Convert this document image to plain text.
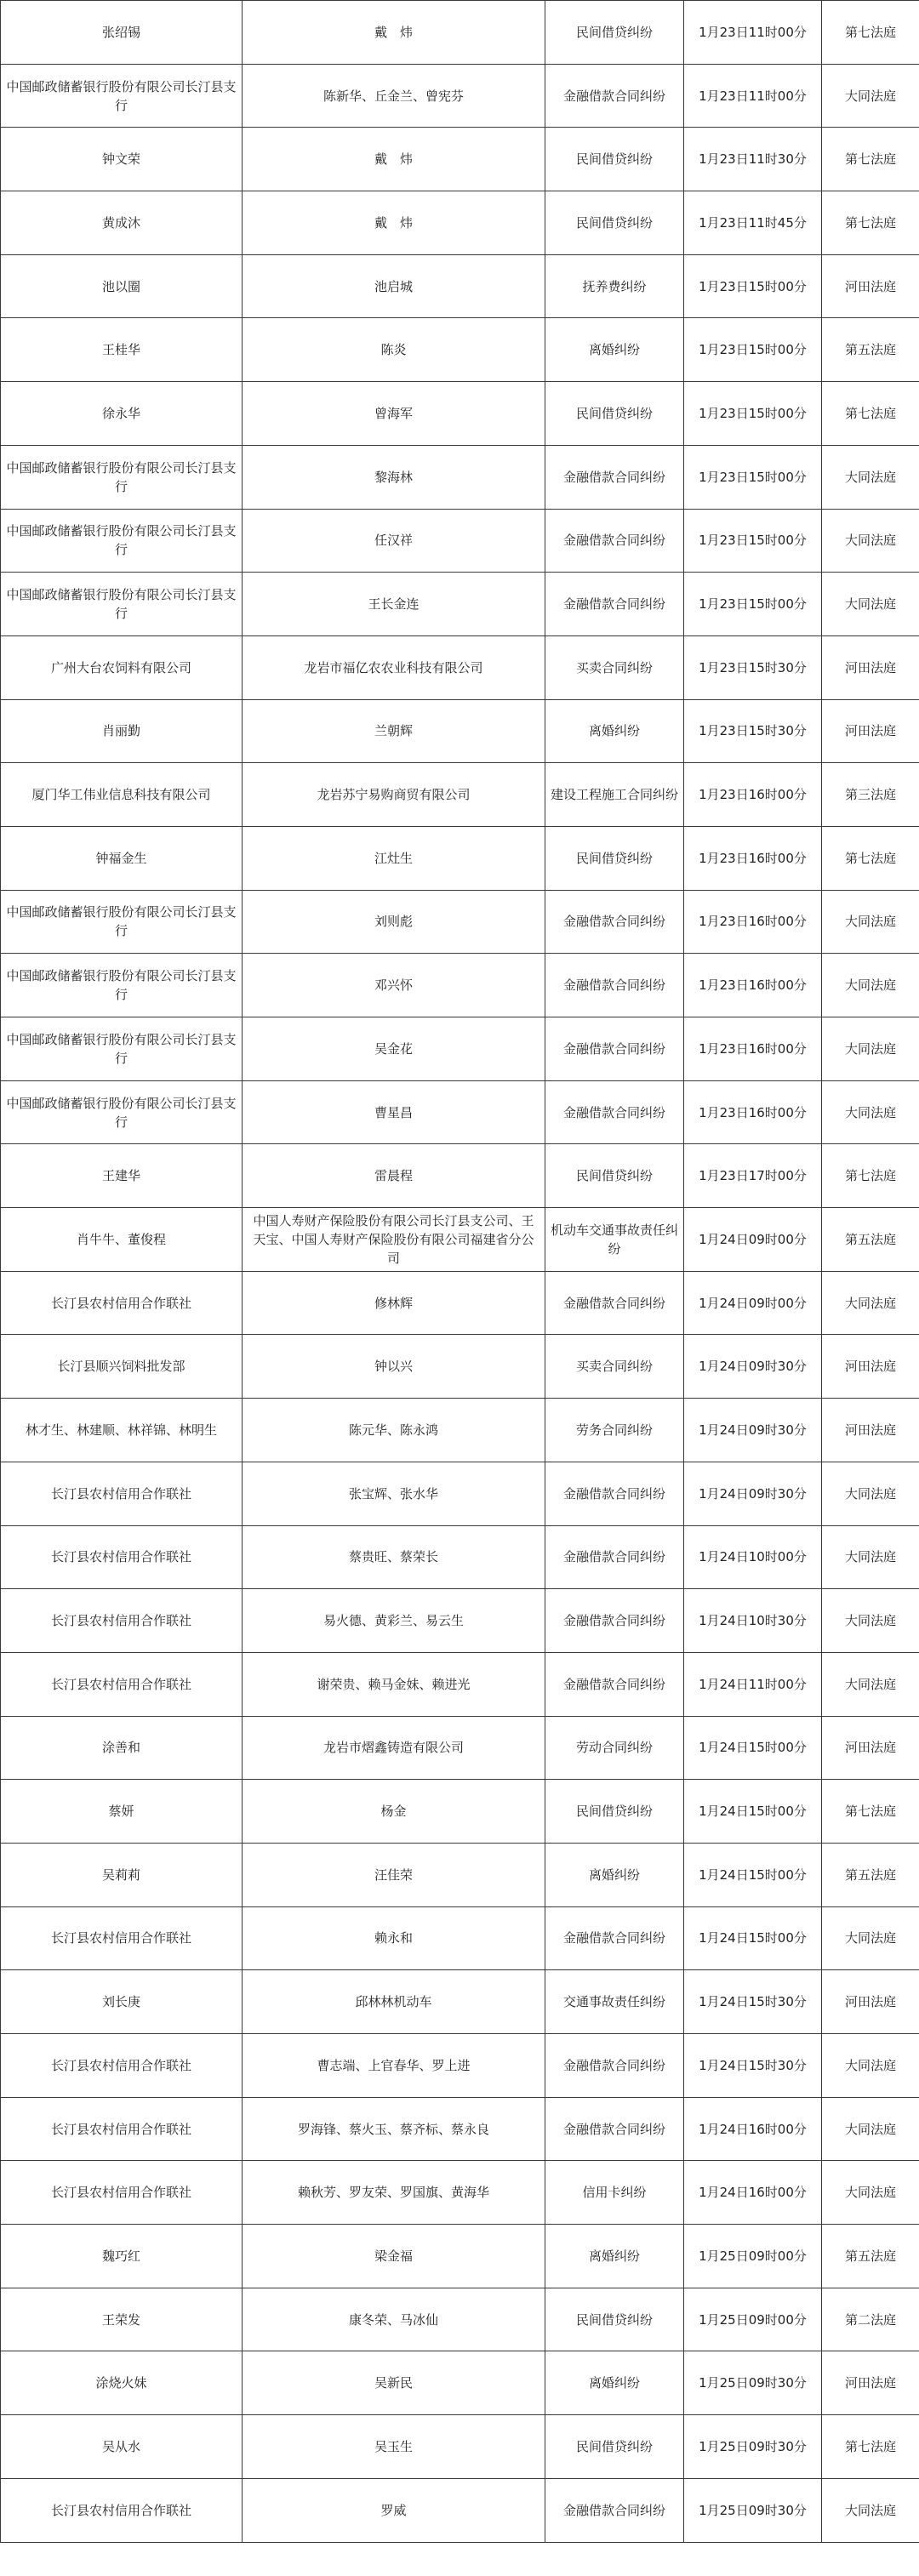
张绍锡	戴　炜	民间借贷纠纷	1月23日11时00分	第七法庭
中国邮政储蓄银行股份有限公司长汀县支行	陈新华、丘金兰、曾宪芬	金融借款合同纠纷	1月23日11时00分	大同法庭
钟文荣	戴　炜	民间借贷纠纷	1月23日11时30分	第七法庭
黄成沐	戴　炜	民间借贷纠纷	1月23日11时45分	第七法庭
池以圈	池启城	抚养费纠纷	1月23日15时00分	河田法庭
王桂华	陈炎	离婚纠纷	1月23日15时00分	第五法庭
徐永华	曾海军	民间借贷纠纷	1月23日15时00分	第七法庭
中国邮政储蓄银行股份有限公司长汀县支行	黎海林	金融借款合同纠纷	1月23日15时00分	大同法庭
中国邮政储蓄银行股份有限公司长汀县支行	任汉祥	金融借款合同纠纷	1月23日15时00分	大同法庭
中国邮政储蓄银行股份有限公司长汀县支行	王长金连	金融借款合同纠纷	1月23日15时00分	大同法庭
广州大台农饲料有限公司	龙岩市福亿农农业科技有限公司	买卖合同纠纷	1月23日15时30分	河田法庭
肖丽勤	兰朝辉	离婚纠纷	1月23日15时30分	河田法庭
厦门华工伟业信息科技有限公司	龙岩苏宁易购商贸有限公司	建设工程施工合同纠纷	1月23日16时00分	第三法庭
钟福金生	江灶生	民间借贷纠纷	1月23日16时00分	第七法庭
中国邮政储蓄银行股份有限公司长汀县支行	刘则彪	金融借款合同纠纷	1月23日16时00分	大同法庭
中国邮政储蓄银行股份有限公司长汀县支行	邓兴怀	金融借款合同纠纷	1月23日16时00分	大同法庭
中国邮政储蓄银行股份有限公司长汀县支行	吴金花	金融借款合同纠纷	1月23日16时00分	大同法庭
中国邮政储蓄银行股份有限公司长汀县支行	曹星昌	金融借款合同纠纷	1月23日16时00分	大同法庭
王建华	雷晨程	民间借贷纠纷	1月23日17时00分	第七法庭
肖牛牛、董俊程	中国人寿财产保险股份有限公司长汀县支公司、王天宝、中国人寿财产保险股份有限公司福建省分公司	机动车交通事故责任纠纷	1月24日09时00分	第五法庭
长汀县农村信用合作联社	修林辉	金融借款合同纠纷	1月24日09时00分	大同法庭
长汀县顺兴饲料批发部	钟以兴	买卖合同纠纷	1月24日09时30分	河田法庭
林才生、林建顺、林祥锦、林明生	陈元华、陈永鸿	劳务合同纠纷	1月24日09时30分	河田法庭
长汀县农村信用合作联社	张宝辉、张水华	金融借款合同纠纷	1月24日09时30分	大同法庭
长汀县农村信用合作联社	蔡贵旺、蔡荣长	金融借款合同纠纷	1月24日10时00分	大同法庭
长汀县农村信用合作联社	易火德、黄彩兰、易云生	金融借款合同纠纷	1月24日10时30分	大同法庭
长汀县农村信用合作联社	谢荣贵、赖马金妹、赖进光	金融借款合同纠纷	1月24日11时00分	大同法庭
涂善和	龙岩市熠鑫铸造有限公司	劳动合同纠纷	1月24日15时00分	河田法庭
蔡妍	杨金	民间借贷纠纷	1月24日15时00分	第七法庭
吴莉莉	汪佳荣	离婚纠纷	1月24日15时00分	第五法庭
长汀县农村信用合作联社	赖永和	金融借款合同纠纷	1月24日15时00分	大同法庭
刘长庚	邱林林机动车	交通事故责任纠纷	1月24日15时30分	河田法庭
长汀县农村信用合作联社	曹志端、上官春华、罗上进	金融借款合同纠纷	1月24日15时30分	大同法庭
长汀县农村信用合作联社	罗海锋、蔡火玉、蔡齐标、蔡永良	金融借款合同纠纷	1月24日16时00分	大同法庭
长汀县农村信用合作联社	赖秋芳、罗友荣、罗国旗、黄海华	信用卡纠纷	1月24日16时00分	大同法庭
魏巧红	梁金福	离婚纠纷	1月25日09时00分	第五法庭
王荣发	康冬荣、马冰仙	民间借贷纠纷	1月25日09时00分	第二法庭
涂烧火妹	吴新民	离婚纠纷	1月25日09时30分	河田法庭
吴从水	吴玉生	民间借贷纠纷	1月25日09时30分	第七法庭
长汀县农村信用合作联社	罗威	金融借款合同纠纷	1月25日09时30分	大同法庭
